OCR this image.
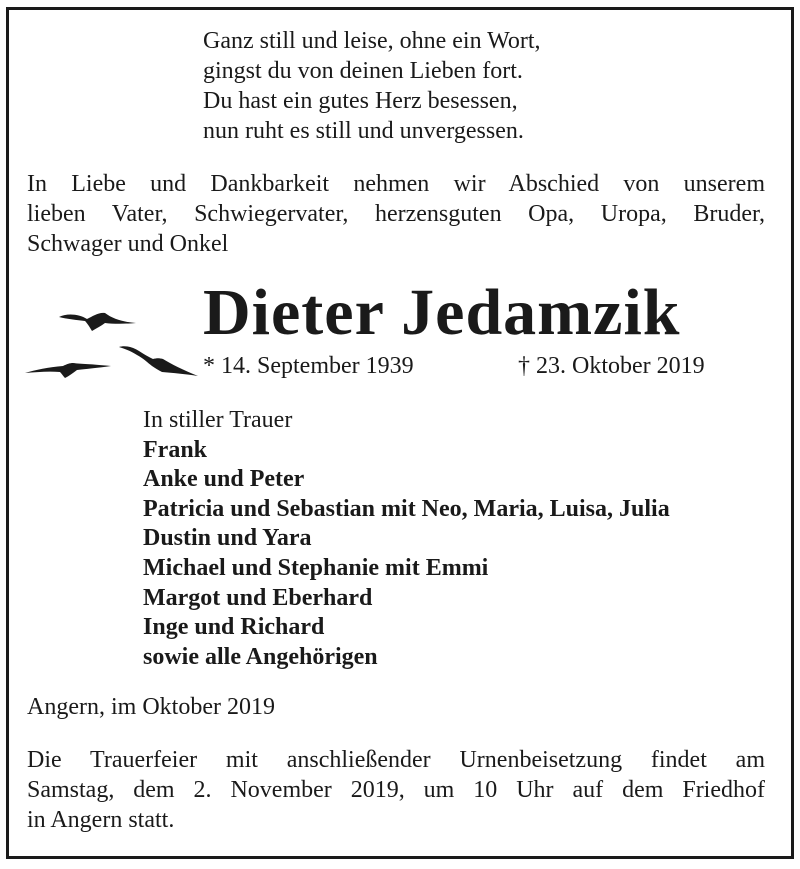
Ganz still und leise, ohne ein Wort,
gingst du von deinen Lieben fort.
Du hast ein gutes Herz besessen,
nun ruht es still und unvergessen.
In Liebe und Dankbarkeit nehmen wir Abschied von unserem
lieben Vater, Schwiegervater, herzensguten Opa, Uropa, Bruder,
Schwager und Onkel
Dieter Jedamzik
* 14. September 1939	† 23. Oktober 2019
In stiller Trauer
Frank
Anke und Peter
Patricia und Sebastian mit Neo, Maria, Luisa, Julia
Dustin und Yara
Michael und Stephanie mit Emmi
Margot und Eberhard
Inge und Richard
sowie alle Angehörigen
Angern, im Oktober 2019
Die Trauerfeier mit anschließender Urnenbeisetzung findet am
Samstag, dem 2. November 2019, um 10 Uhr auf dem Friedhof
in Angern statt.
